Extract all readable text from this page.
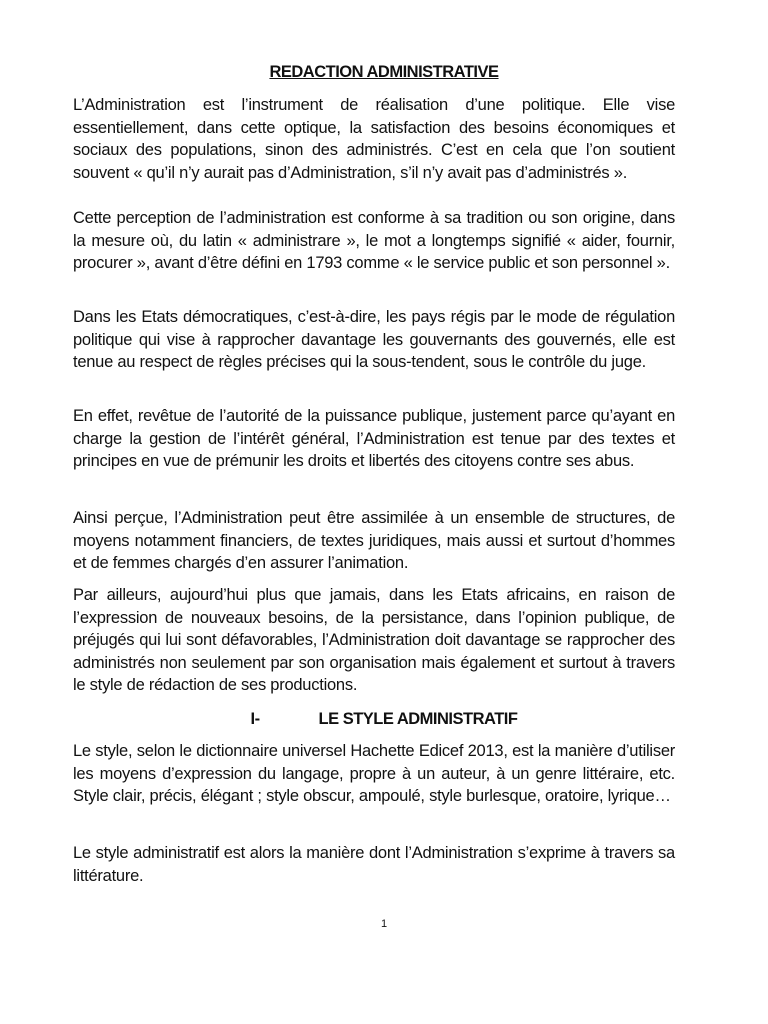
REDACTION ADMINISTRATIVE

L’Administration est l’instrument de réalisation d’une politique. Elle vise essentiellement, dans cette optique, la satisfaction des besoins économiques et sociaux des populations, sinon des administrés. C’est en cela que l’on soutient souvent « qu’il n’y aurait pas d’Administration, s’il n’y avait pas d’administrés ».

Cette perception de l’administration est conforme à sa tradition ou son origine, dans la mesure où, du latin « administrare », le mot a longtemps signifié « aider, fournir, procurer », avant d’être défini en 1793 comme « le service public et son personnel ».

Dans les Etats démocratiques, c’est-à-dire, les pays régis par le mode de régulation politique qui vise à rapprocher davantage les gouvernants des gouvernés, elle est tenue au respect de règles précises qui la sous-tendent, sous le contrôle du juge.

En effet, revêtue de l’autorité de la puissance publique, justement parce qu’ayant en charge la gestion de l’intérêt général, l’Administration est tenue par des textes et principes en vue de prémunir les droits et libertés des citoyens contre ses abus.

Ainsi perçue, l’Administration peut être assimilée à un ensemble de structures, de moyens notamment financiers, de textes juridiques, mais aussi et surtout d’hommes et de femmes chargés d’en assurer l’animation.

Par ailleurs, aujourd’hui plus que jamais, dans les Etats africains, en raison de l’expression de nouveaux besoins, de la persistance, dans l’opinion publique, de préjugés qui lui sont défavorables, l’Administration doit davantage se rapprocher des administrés non seulement par son organisation mais également et surtout à travers le style de rédaction de ses productions.

I-	LE STYLE ADMINISTRATIF

Le style, selon le dictionnaire universel Hachette Edicef 2013, est la manière d’utiliser les moyens d’expression du langage, propre à un auteur, à un genre littéraire, etc. Style clair, précis, élégant ; style obscur, ampoulé, style burlesque, oratoire, lyrique…

Le style administratif est alors la manière dont l’Administration s’exprime à travers sa littérature.

1
